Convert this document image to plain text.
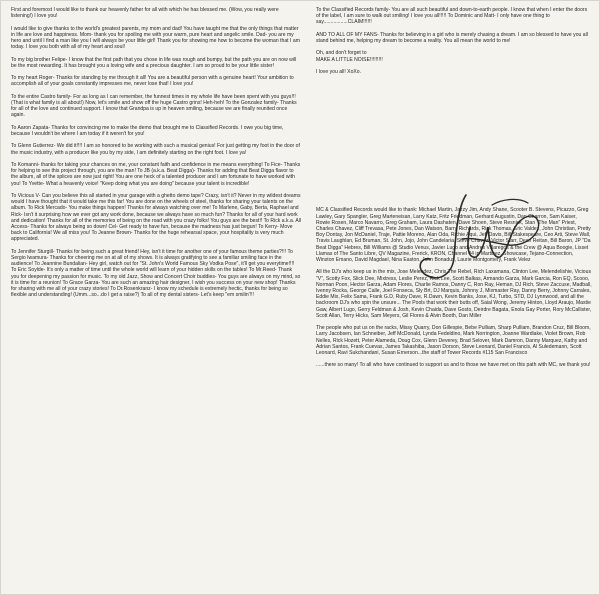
First and foremost I would like to thank our heavenly father for all with which he has blessed me. (Wow, you really were listening!) I love you!

I would like to give thanks to the world's greatest parents, my mom and dad! You have taught me that the only things that matter in life are love and happiness. Mom- thank you for spoiling me with your warm, pure heart and angelic smile. Dad- you are my hero and until I find a man like you I will always be your little girl! Thank you for showing me how to become the woman that I am today. I love you both with all of my heart and soul!

To my big brother Felipe- I know that the first path that you chose in life was rough and bumpy, but the path you are on now will be the most rewarding. It has brought you a loving wife and a precious daughter. I am so proud to be your little sister!

To my heart Roger- Thanks for standing by me through it all! You are a beautiful person with a genuine heart! Your ambition to accomplish all of your goals constantly impresses me, never lose that! I love you!

To the entire Castro family- For as long as I can remember, the funnest times in my whole life have been spent with you guys!!! (That is what family is all about!) Now, let's smile and show off the huge Castro grins! Heh-heh! To the Gonzalez family- Thanks for all of the love and continued support. I know that Grandpa is up in heaven smiling, because we are finally reunited once again.

To Aaron Zapata- Thanks for convincing me to make the demo that brought me to Classified Records. I owe you big time, because I wouldn't be where I am today if it weren't for you!

To Glenn Gutierrez- We did it!!!! I am so honored to be working with such a musical genius! For just getting my foot in the door of the music industry, with a producer like you by my side, I am definitely starting on the right foot. I love ya!

To Komanni- thanks for taking your chances on me, your constant faith and confidence in me means everything! To Fice- Thanks for helping to see this project through, you are the man! To JB (a.k.a. Beat Digga)- Thanks for adding that Beat Digga flavor to the album, all of the splices are now just right! You are one heck of a talented producer and I am fortunate to have worked with you! To Yvette- What a heavenly voice! "Keep doing what you are doing" because your talent is incredible!

To Vicious V- Can you believe this all started in your garage with a ghetto demo tape? Crazy, isn't it? Never in my wildest dreams would I have thought that it would take me this far! You are done on the wheels of steel, thanks for sharing your talents on the album. To Rick Mercado- You make things happen! Thanks for always watching over me! To Marlene, Gaby, Berta, Raphael and Rick- Isn't it surprising how we ever got any work done, because we always have so much fun? Thanks for all of your hard work and dedication! Thanks for all of the memories of being on the road with you crazy folks! You guys are the best!! To Rick a.k.a. All Access- Thanks for always being so down! Cel- Get ready to have fun, because the madness has just begun! To Kerry- Move back to California! We all miss you! To Jeanne Brown- Thanks for the huge rehearsal space, your hospitality is very much appreciated.

To Jennifer Sturgill- Thanks for being such a great friend! Hey, isn't it time for another one of your famous theme parties?!!! To Sergio Iwamura- Thanks for cheering me on at all of my shows. It is always gratifying to see a familiar smiling face in the audience! To Jeannine Bundalian- Hey girl, watch out for "St. John's World Famous Sky Vodka Pose", it'll get you everytime!!!! To Eric Soylde- It's only a matter of time until the whole world will learn of your hidden skills on the tables! To Mr.Reed- Thank you for deepening my passion for music. To my old Jazz, Show and Concert Choir buddies- You guys are always on my mind, so it is time for a reunion! To Grace Garza- You are such an amazing hair designer, I wish you success on your new shop! Thanks for sharing with me all of your crazy stories! To Dr.Rosenkranz- I know my schedule is extremely hectic, thanks for being so flexible and understanding! (Umm...so...do I get a raise?) To all of my dental sisters- Let's keep "em smilin'!!!

To the Classified Records family- You are all such beautiful and down-to-earth people. I know that when I enter the doors of the label, I am sure to walk out smiling! I love you all!!!!! To Dominic and Matt- I only have one thing to say.................CLAIM!!!!!!

AND TO ALL OF MY FANS- Thanks for believing in a girl who is merely chasing a dream. I am so blessed to have you all stand behind me, helping my dream to become a reality. You all mean the world to me!

Oh, and don't forget to
MAKE A LITTLE NOISE!!!!!!!!!

I love you all! XoXo.

MC & Classified Records would like to thank: Michael Martin, Jazzy Jim, Andy Shane, Scooter B. Stevens, Picazzo, Greg Lawley, Gary Spangler, Greg Marteneisan, Larry Katz, Fritz Friedman, Gerhard Augustin, Dan Charron, Sam Kaiser, Rowie Rosen, Marco Navarro, Greg Graham, Laura Dashaten, Dave Shoen, Steve Resnick, Stan "The Man" Priest, Charles Chavez, Cliff Trevasa, Pete Jones, Dan Watson, Barry Richards, Rick Thomas, Eric Valdez, John Christian, Pretty Boy Dontay, Jon McDaniel, Traje, Pattie Moreno, Alan Oda, Richie Aqui, Jeff Davis, Bill Stakespeare, Ceo Arti, Steve Wall, Travis Laughlan, Ed Bruman, St. John, Jojo, John Candelaria, Steve Chavez, Victor Starr, Dean Reitan, Bill Baron, JP "Da Beat Digga" Hebres, Bill Williams @ Studio Venus, Javier Lugo and Andres Villaregos & the Crew @ Aqua Boogie, Lisset Llamas of The Santo Libre, QV Magazine, Frerick, KRON, Channel 44 in Martinez, Showcase, Tejano-Connection, Winston Emano, David Magdael, Nina Easton, John Bonadus, Laurie Montgomery, Frank Velez

All the DJ's who keep us in the mix, Jose Melendez, Chris The Rebel, Rich Laxamana, Clinton Lee, Melendelishie, Vicious "V", Scotty Fox, Slick Dee, Mixtress, Leslie Perez, Rick Lee, Scott Balkas, Armando Garza, Mark Garcia, Ron EQ, Scooo, Norman Poon, Hector Garza, Adam Flores, Charlie Ramos, Danny C, Ron Ray, Heman, DJ Rich, Steve Zaccuse, Madball, Ivenny Rocka, George Calle, Joel Fonseca, Sly Brt, DJ Marquis, Johnny J, Mixmaster Ray, Danny Berry, Johnny Carrales, Eddie Mix, Felix Sama, Frank G.D, Ruby Dave, R.Dawn, Kevin Banks, Jose, KJ, Turbo, STD, DJ Lynnwood, and all the backroom DJ's who spin the unsure... The Pools that work their butts off, Saial Wong, Jeremy Hinton, Lloyd Araujo, Mastie Gaw, Albert Lugo, Gerry Feldman & Josh, Kevin Chaida, Dave Gosto, Deirdre Bagata, Enola Gay Porter, Rory McCallister, Scott Allan, Terry Hicks, Sam Meyers, Gil Flores & Alvin Booth, Dan Miller

The people who put us on the racks, Missy Quarry, Don Gillespie, Bebe Pulliam, Sharp Pulliam, Brandon Cruz, Bill Bloom, Larry Jacobsen, Ian Schneiber, Jeff McDonald, Lynda Fedeldino, Mark Norrington, Joanne Wardlake, Violet Brown, Rob Nelles, Rick Hozett, Peter Alameda, Doug Cox, Glenn Deverey, Brad Selover, Mark Damron, Danny Marquez, Kathy and Adrian Santos, Frank Cuevas, James Takashiba, Jason Dorson, Steve Leonard, Daniel Francis, Al Suledemann, Scott Leonard, Ravi Sukchandani, Susan Ernerson...the staff of Tower Records #115 San Francisco

......there so many! To all who have continued to support us and to those we have met on this path with MC, we thank you!
